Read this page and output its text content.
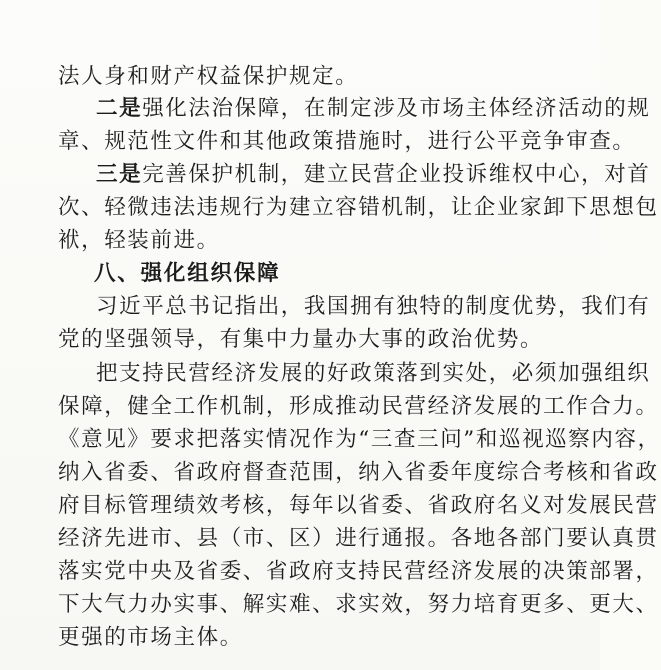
法人身和财产权益保护规定。
二是强化法治保障，在制定涉及市场主体经济活动的规
章、规范性文件和其他政策措施时，进行公平竞争审查。
三是完善保护机制，建立民营企业投诉维权中心，对首
次、轻微违法违规行为建立容错机制，让企业家卸下思想包
袱，轻装前进。
八、强化组织保障
习近平总书记指出，我国拥有独特的制度优势，我们有
党的坚强领导，有集中力量办大事的政治优势。
把支持民营经济发展的好政策落到实处，必须加强组织
保障，健全工作机制，形成推动民营经济发展的工作合力。
《意见》要求把落实情况作为“三查三问”和巡视巡察内容，
纳入省委、省政府督查范围，纳入省委年度综合考核和省政
府目标管理绩效考核，每年以省委、省政府名义对发展民营
经济先进市、县（市、区）进行通报。各地各部门要认真贯
落实党中央及省委、省政府支持民营经济发展的决策部署，
下大气力办实事、解实难、求实效，努力培育更多、更大、
更强的市场主体。
